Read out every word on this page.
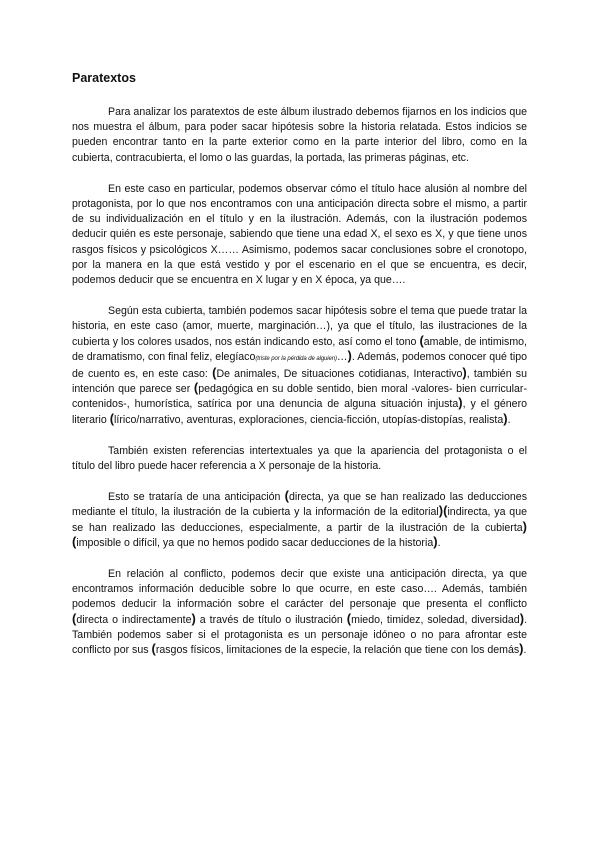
Paratextos

Para analizar los paratextos de este álbum ilustrado debemos fijarnos en los indicios que nos muestra el álbum, para poder sacar hipótesis sobre la historia relatada. Estos indicios se pueden encontrar tanto en la parte exterior como en la parte interior del libro, como en la cubierta, contracubierta, el lomo o las guardas, la portada, las primeras páginas, etc.

En este caso en particular, podemos observar cómo el título hace alusión al nombre del protagonista, por lo que nos encontramos con una anticipación directa sobre el mismo, a partir de su individualización en el título y en la ilustración. Además, con la ilustración podemos deducir quién es este personaje, sabiendo que tiene una edad X, el sexo es X, y que tiene unos rasgos físicos y psicológicos X…… Asimismo, podemos sacar conclusiones sobre el cronotopo, por la manera en la que está vestido y por el escenario en el que se encuentra, es decir, podemos deducir que se encuentra en X lugar y en X época, ya que….

Según esta cubierta, también podemos sacar hipótesis sobre el tema que puede tratar la historia, en este caso (amor, muerte, marginación…), ya que el título, las ilustraciones de la cubierta y los colores usados, nos están indicando esto, así como el tono (amable, de intimismo, de dramatismo, con final feliz, elegíaco(triste por la pérdida de alguien)…). Además, podemos conocer qué tipo de cuento es, en este caso: (De animales, De situaciones cotidianas, Interactivo), también su intención que parece ser (pedagógica en su doble sentido, bien moral -valores- bien curricular-contenidos-, humorística, satírica por una denuncia de alguna situación injusta), y el género literario (lírico/narrativo, aventuras, exploraciones, ciencia-ficción, utopías-distopías, realista).

También existen referencias intertextuales ya que la apariencia del protagonista o el título del libro puede hacer referencia a X personaje de la historia.

Esto se trataría de una anticipación (directa, ya que se han realizado las deducciones mediante el título, la ilustración de la cubierta y la información de la editorial)(indirecta, ya que se han realizado las deducciones, especialmente, a partir de la ilustración de la cubierta)(imposible o difícil, ya que no hemos podido sacar deducciones de la historia).

En relación al conflicto, podemos decir que existe una anticipación directa, ya que encontramos información deducible sobre lo que ocurre, en este caso…. Además, también podemos deducir la información sobre el carácter del personaje que presenta el conflicto (directa o indirectamente) a través de título o ilustración (miedo, timidez, soledad, diversidad). También podemos saber si el protagonista es un personaje idóneo o no para afrontar este conflicto por sus (rasgos físicos, limitaciones de la especie, la relación que tiene con los demás).
